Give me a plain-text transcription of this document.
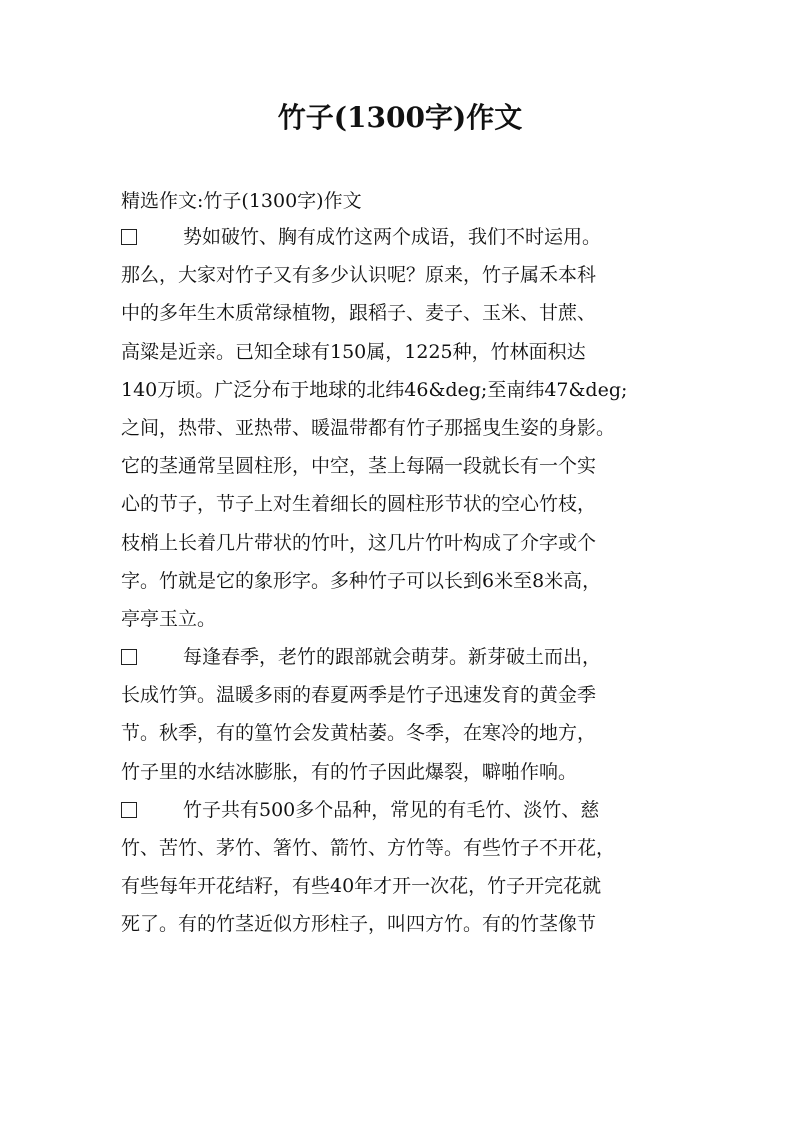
竹子(1300字)作文
精选作文:竹子(1300字)作文
势如破竹、胸有成竹这两个成语，我们不时运用。
那么，大家对竹子又有多少认识呢？原来，竹子属禾本科
中的多年生木质常绿植物，跟稻子、麦子、玉米、甘蔗、
高粱是近亲。已知全球有150属，1225种，竹林面积达
140万顷。广泛分布于地球的北纬46&deg;至南纬47&deg;
之间，热带、亚热带、暖温带都有竹子那摇曳生姿的身影。
它的茎通常呈圆柱形，中空，茎上每隔一段就长有一个实
心的节子，节子上对生着细长的圆柱形节状的空心竹枝，
枝梢上长着几片带状的竹叶，这几片竹叶构成了介字或个
字。竹就是它的象形字。多种竹子可以长到6米至8米高，
亭亭玉立。
每逢春季，老竹的跟部就会萌芽。新芽破土而出，
长成竹笋。温暖多雨的春夏两季是竹子迅速发育的黄金季
节。秋季，有的篁竹会发黄枯萎。冬季，在寒冷的地方，
竹子里的水结冰膨胀，有的竹子因此爆裂，噼啪作响。
竹子共有500多个品种，常见的有毛竹、淡竹、慈
竹、苦竹、茅竹、箸竹、箭竹、方竹等。有些竹子不开花，
有些每年开花结籽，有些40年才开一次花，竹子开完花就
死了。有的竹茎近似方形柱子，叫四方竹。有的竹茎像节
